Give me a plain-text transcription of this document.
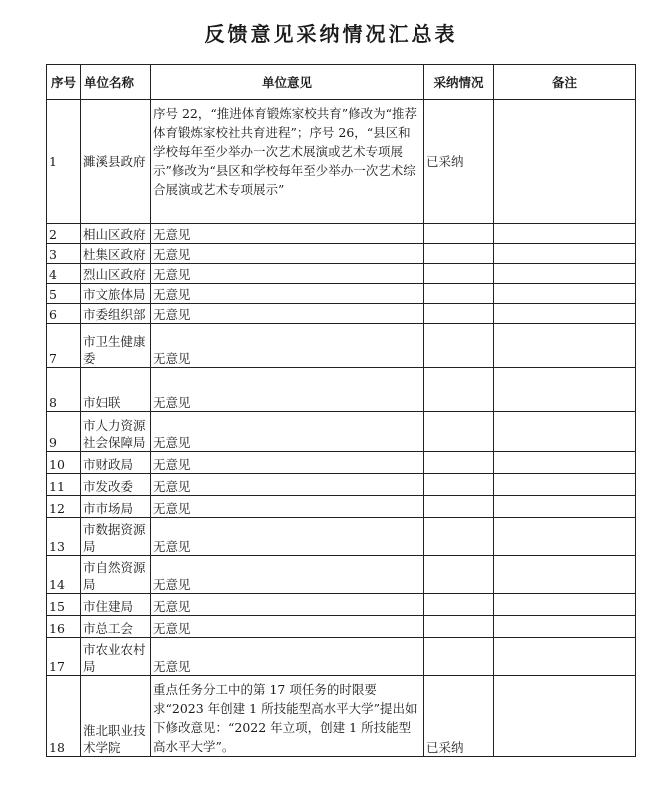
反馈意见采纳情况汇总表
序号	单位名称	单位意见	采纳情况	备注
1	濉溪县政府	序号 22，“推进体育锻炼家校共育”修改为“推荐体育锻炼家校社共育进程”；序号 26，“县区和学校每年至少举办一次艺术展演或艺术专项展示”修改为“县区和学校每年至少举办一次艺术综合展演或艺术专项展示”	已采纳	
2	相山区政府	无意见		
3	杜集区政府	无意见		
4	烈山区政府	无意见		
5	市文旅体局	无意见		
6	市委组织部	无意见		
7	市卫生健康委	无意见		
8	市妇联	无意见		
9	市人力资源社会保障局	无意见		
10	市财政局	无意见		
11	市发改委	无意见		
12	市市场局	无意见		
13	市数据资源局	无意见		
14	市自然资源局	无意见		
15	市住建局	无意见		
16	市总工会	无意见		
17	市农业农村局	无意见		
18	淮北职业技术学院	重点任务分工中的第 17 项任务的时限要求“2023 年创建 1 所技能型高水平大学”提出如下修改意见：“2022 年立项，创建 1 所技能型高水平大学”。	已采纳	
